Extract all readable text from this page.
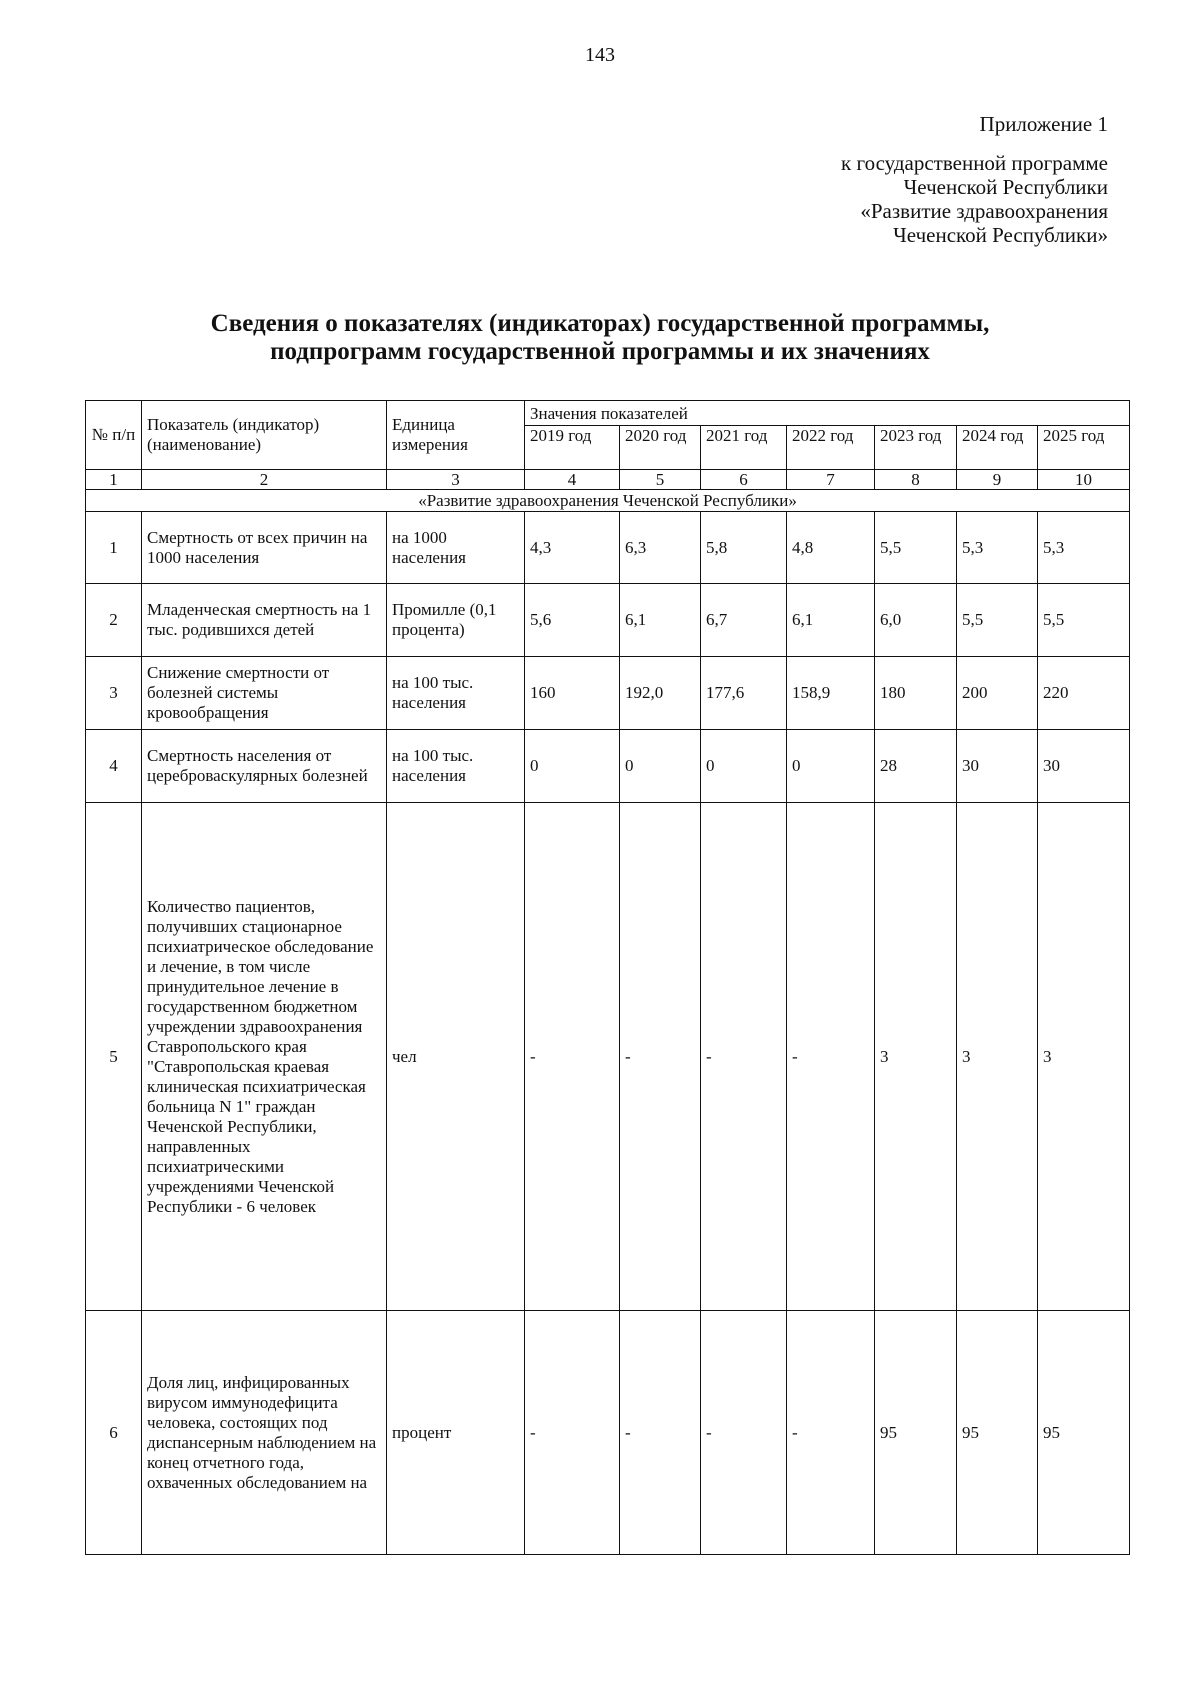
143
Приложение 1
к государственной программе
Чеченской Республики
«Развитие здравоохранения
Чеченской Республики»
Сведения о показателях (индикаторах) государственной программы,
подпрограмм государственной программы и их значениях
№ п/п	Показатель (индикатор) (наименование)	Единица измерения	Значения показателей						
			2019 год	2020 год	2021 год	2022 год	2023 год	2024 год	2025 год
1	2	3	4	5	6	7	8	9	10
«Развитие здравоохранения Чеченской Республики»									
1	Смертность от всех причин на 1000 населения	на 1000 населения	4,3	6,3	5,8	4,8	5,5	5,3	5,3
2	Младенческая смертность на 1 тыс. родившихся детей	Промилле (0,1 процента)	5,6	6,1	6,7	6,1	6,0	5,5	5,5
3	Снижение смертности от болезней системы кровообращения	на 100 тыс. населения	160	192,0	177,6	158,9	180	200	220
4	Смертность населения от цереброваскулярных болезней	на 100 тыс. населения	0	0	0	0	28	30	30
5	Количество пациентов, получивших стационарное психиатрическое обследование и лечение, в том числе принудительное лечение в государственном бюджетном учреждении здравоохранения Ставропольского края "Ставропольская краевая клиническая психиатрическая больница N 1" граждан Чеченской Республики, направленных психиатрическими учреждениями Чеченской Республики - 6 человек	чел	-	-	-	-	3	3	3
6	Доля лиц, инфицированных вирусом иммунодефицита человека, состоящих под диспансерным наблюдением на конец отчетного года, охваченных обследованием на	процент	-	-	-	-	95	95	95
